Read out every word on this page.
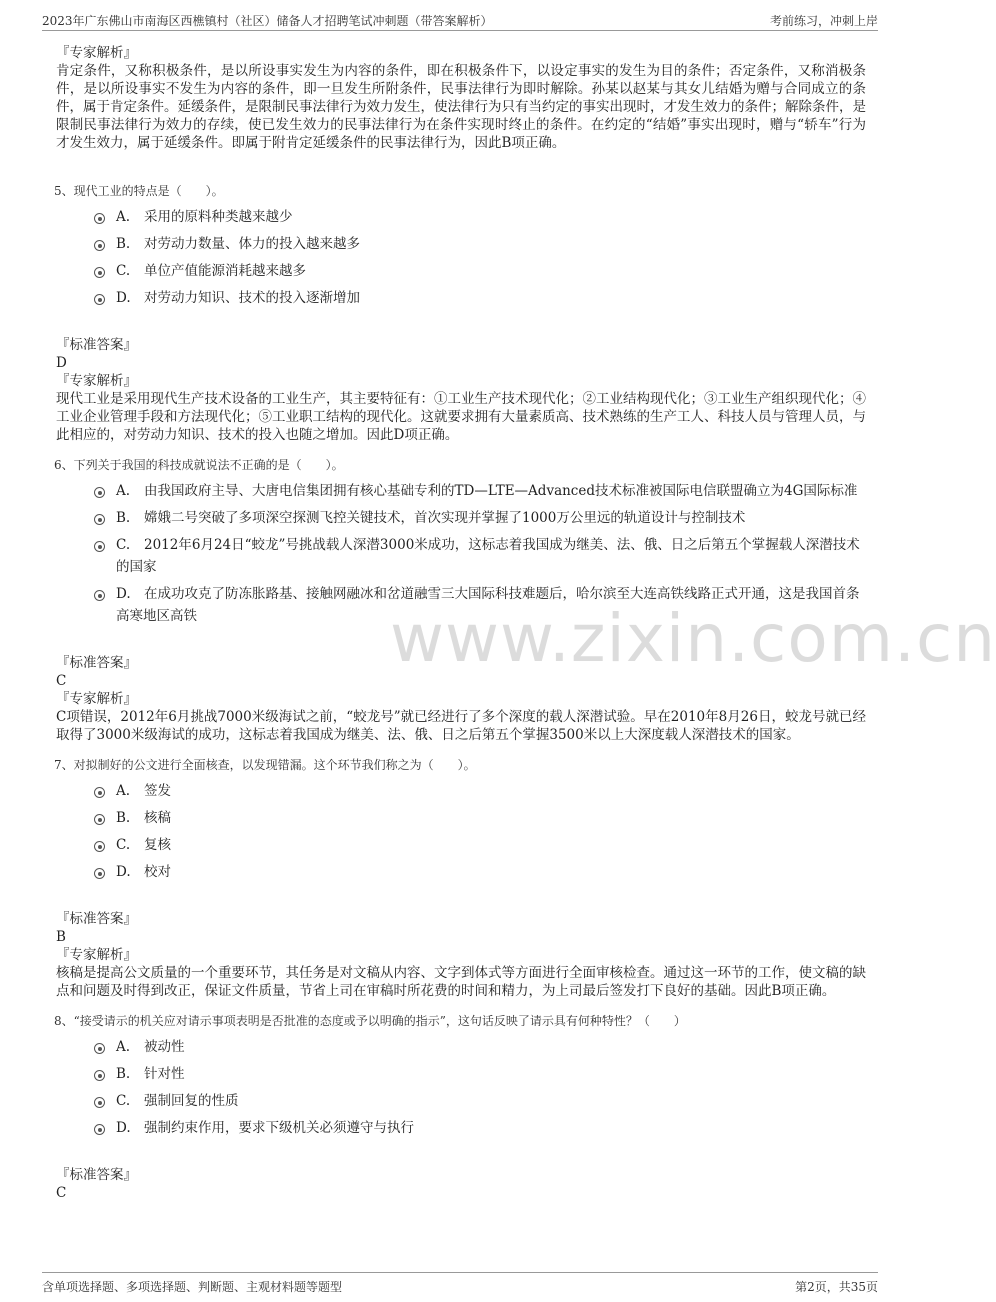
2023年广东佛山市南海区西樵镇村（社区）储备人才招聘笔试冲刺题（带答案解析）	考前练习，冲刺上岸
www.zixin.com.cn
『专家解析』
肯定条件，又称积极条件，是以所设事实发生为内容的条件，即在积极条件下，以设定事实的发生为目的条件；否定条件，又称消极条件，是以所设事实不发生为内容的条件，即一旦发生所附条件，民事法律行为即时解除。孙某以赵某与其女儿结婚为赠与合同成立的条件，属于肯定条件。延缓条件，是限制民事法律行为效力发生，使法律行为只有当约定的事实出现时，才发生效力的条件；解除条件，是限制民事法律行为效力的存续，使已发生效力的民事法律行为在条件实现时终止的条件。在约定的“结婚”事实出现时，赠与“轿车”行为才发生效力，属于延缓条件。即属于附肯定延缓条件的民事法律行为，因此B项正确。
5、现代工业的特点是（　　）。
A. 采用的原料种类越来越少
B. 对劳动力数量、体力的投入越来越多
C. 单位产值能源消耗越来越多
D. 对劳动力知识、技术的投入逐渐增加
『标准答案』
D
『专家解析』
现代工业是采用现代生产技术设备的工业生产，其主要特征有：①工业生产技术现代化；②工业结构现代化；③工业生产组织现代化；④工业企业管理手段和方法现代化；⑤工业职工结构的现代化。这就要求拥有大量素质高、技术熟练的生产工人、科技人员与管理人员，与此相应的，对劳动力知识、技术的投入也随之增加。因此D项正确。
6、下列关于我国的科技成就说法不正确的是（　　）。
A. 由我国政府主导、大唐电信集团拥有核心基础专利的TD—LTE—Advanced技术标准被国际电信联盟确立为4G国际标准
B. 嫦娥二号突破了多项深空探测飞控关键技术，首次实现并掌握了1000万公里远的轨道设计与控制技术
C. 2012年6月24日“蛟龙”号挑战载人深潜3000米成功，这标志着我国成为继美、法、俄、日之后第五个掌握载人深潜技术的国家
D. 在成功攻克了防冻胀路基、接触网融冰和岔道融雪三大国际科技难题后，哈尔滨至大连高铁线路正式开通，这是我国首条高寒地区高铁
『标准答案』
C
『专家解析』
C项错误，2012年6月挑战7000米级海试之前，“蛟龙号”就已经进行了多个深度的载人深潜试验。早在2010年8月26日，蛟龙号就已经取得了3000米级海试的成功，这标志着我国成为继美、法、俄、日之后第五个掌握3500米以上大深度载人深潜技术的国家。
7、对拟制好的公文进行全面核查，以发现错漏。这个环节我们称之为（　　）。
A. 签发
B. 核稿
C. 复核
D. 校对
『标准答案』
B
『专家解析』
核稿是提高公文质量的一个重要环节，其任务是对文稿从内容、文字到体式等方面进行全面审核检查。通过这一环节的工作，使文稿的缺点和问题及时得到改正，保证文件质量，节省上司在审稿时所花费的时间和精力，为上司最后签发打下良好的基础。因此B项正确。
8、“接受请示的机关应对请示事项表明是否批准的态度或予以明确的指示”，这句话反映了请示具有何种特性？（　　）
A. 被动性
B. 针对性
C. 强制回复的性质
D. 强制约束作用，要求下级机关必须遵守与执行
『标准答案』
C
含单项选择题、多项选择题、判断题、主观材料题等题型	第2页，共35页
